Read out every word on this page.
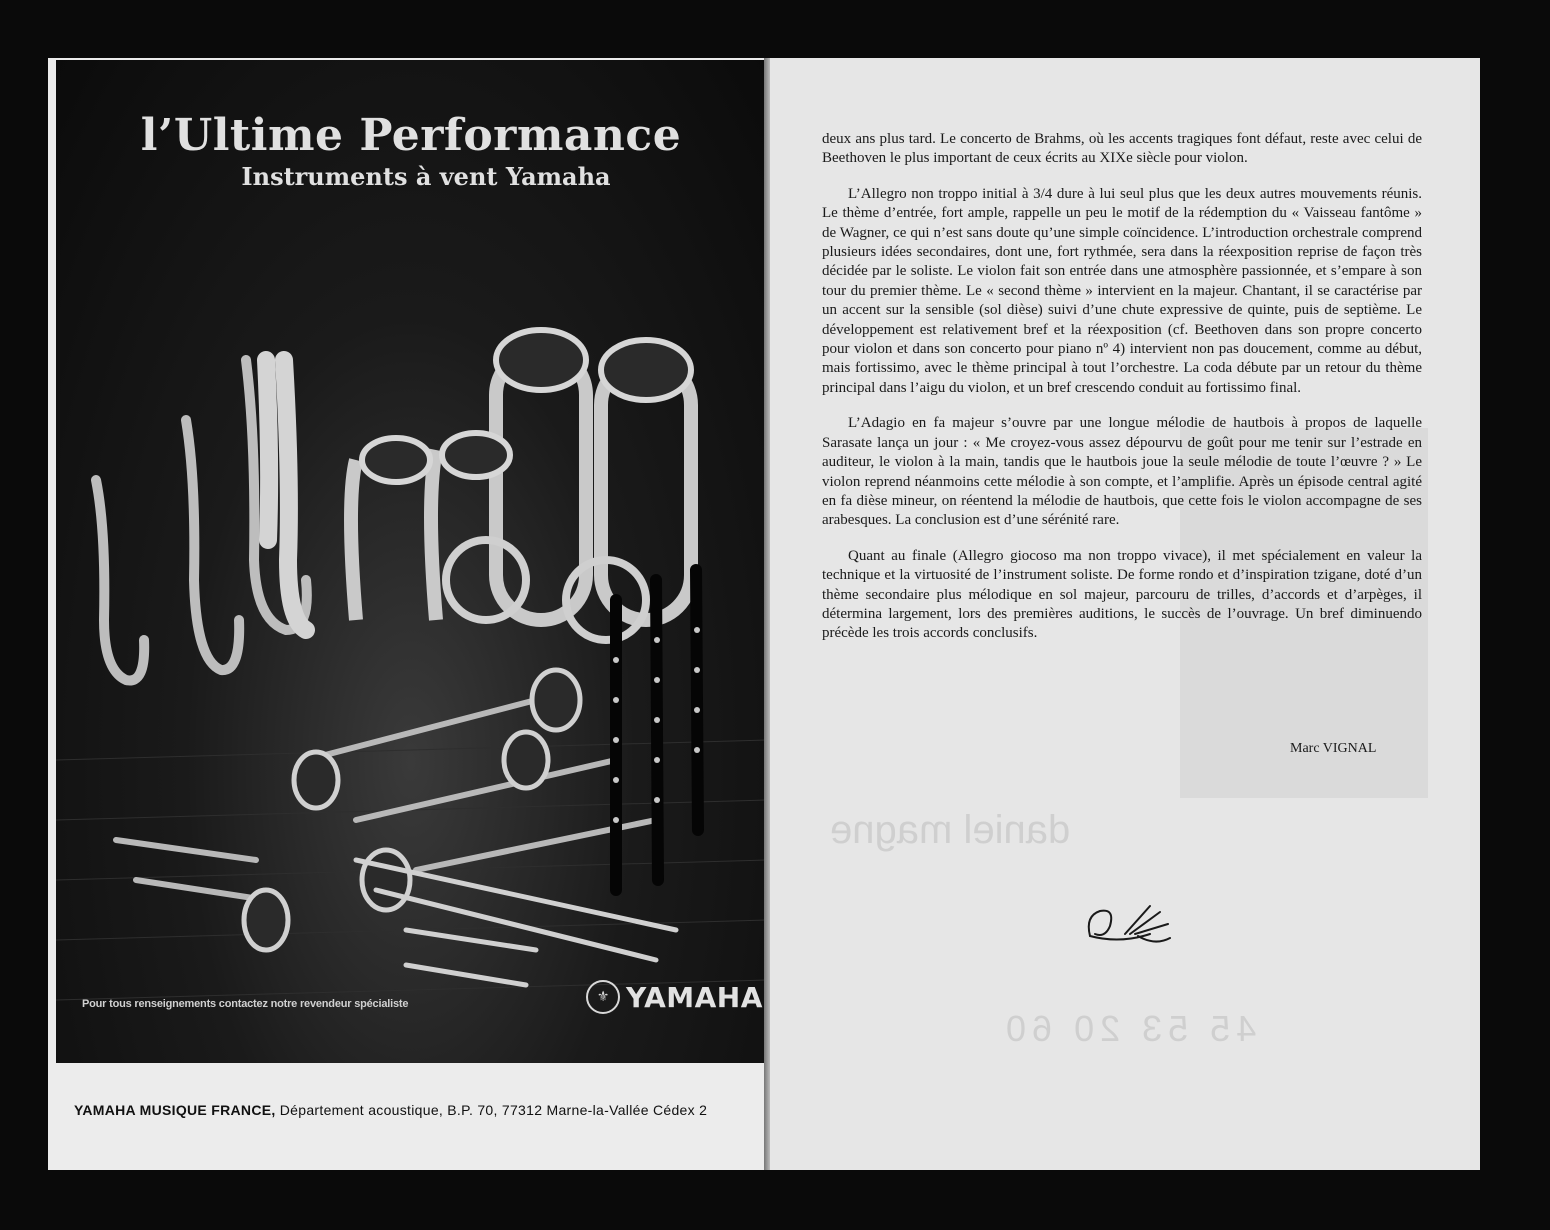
l’Ultime Performance
Instruments à vent Yamaha
Pour tous renseignements contactez notre revendeur spécialiste	⚜ YAMAHA
YAMAHA MUSIQUE FRANCE, Département acoustique, B.P. 70, 77312 Marne-la-Vallée Cédex 2
daniel magne
45 53 20 60

deux ans plus tard. Le concerto de Brahms, où les accents tragiques font défaut, reste avec celui de Beethoven le plus important de ceux écrits au XIXe siècle pour violon.

L’Allegro non troppo initial à 3/4 dure à lui seul plus que les deux autres mouvements réunis. Le thème d’entrée, fort ample, rappelle un peu le motif de la rédemption du « Vaisseau fantôme » de Wagner, ce qui n’est sans doute qu’une simple coïncidence. L’introduction orchestrale comprend plusieurs idées secondaires, dont une, fort rythmée, sera dans la réexposition reprise de façon très décidée par le soliste. Le violon fait son entrée dans une atmosphère passionnée, et s’empare à son tour du premier thème. Le « second thème » intervient en la majeur. Chantant, il se caractérise par un accent sur la sensible (sol dièse) suivi d’une chute expressive de quinte, puis de septième. Le développement est relativement bref et la réexposition (cf. Beethoven dans son propre concerto pour violon et dans son concerto pour piano nº 4) intervient non pas doucement, comme au début, mais fortissimo, avec le thème principal à tout l’orchestre. La coda débute par un retour du thème principal dans l’aigu du violon, et un bref crescendo conduit au fortissimo final.

L’Adagio en fa majeur s’ouvre par une longue mélodie de hautbois à propos de laquelle Sarasate lança un jour : « Me croyez-vous assez dépourvu de goût pour me tenir sur l’estrade en auditeur, le violon à la main, tandis que le hautbois joue la seule mélodie de toute l’œuvre ? » Le violon reprend néanmoins cette mélodie à son compte, et l’amplifie. Après un épisode central agité en fa dièse mineur, on réentend la mélodie de hautbois, que cette fois le violon accompagne de ses arabesques. La conclusion est d’une sérénité rare.

Quant au finale (Allegro giocoso ma non troppo vivace), il met spécialement en valeur la technique et la virtuosité de l’instrument soliste. De forme rondo et d’inspiration tzigane, doté d’un thème secondaire plus mélodique en sol majeur, parcouru de trilles, d’accords et d’arpèges, il détermina largement, lors des premières auditions, le succès de l’ouvrage. Un bref diminuendo précède les trois accords conclusifs.

Marc VIGNAL
